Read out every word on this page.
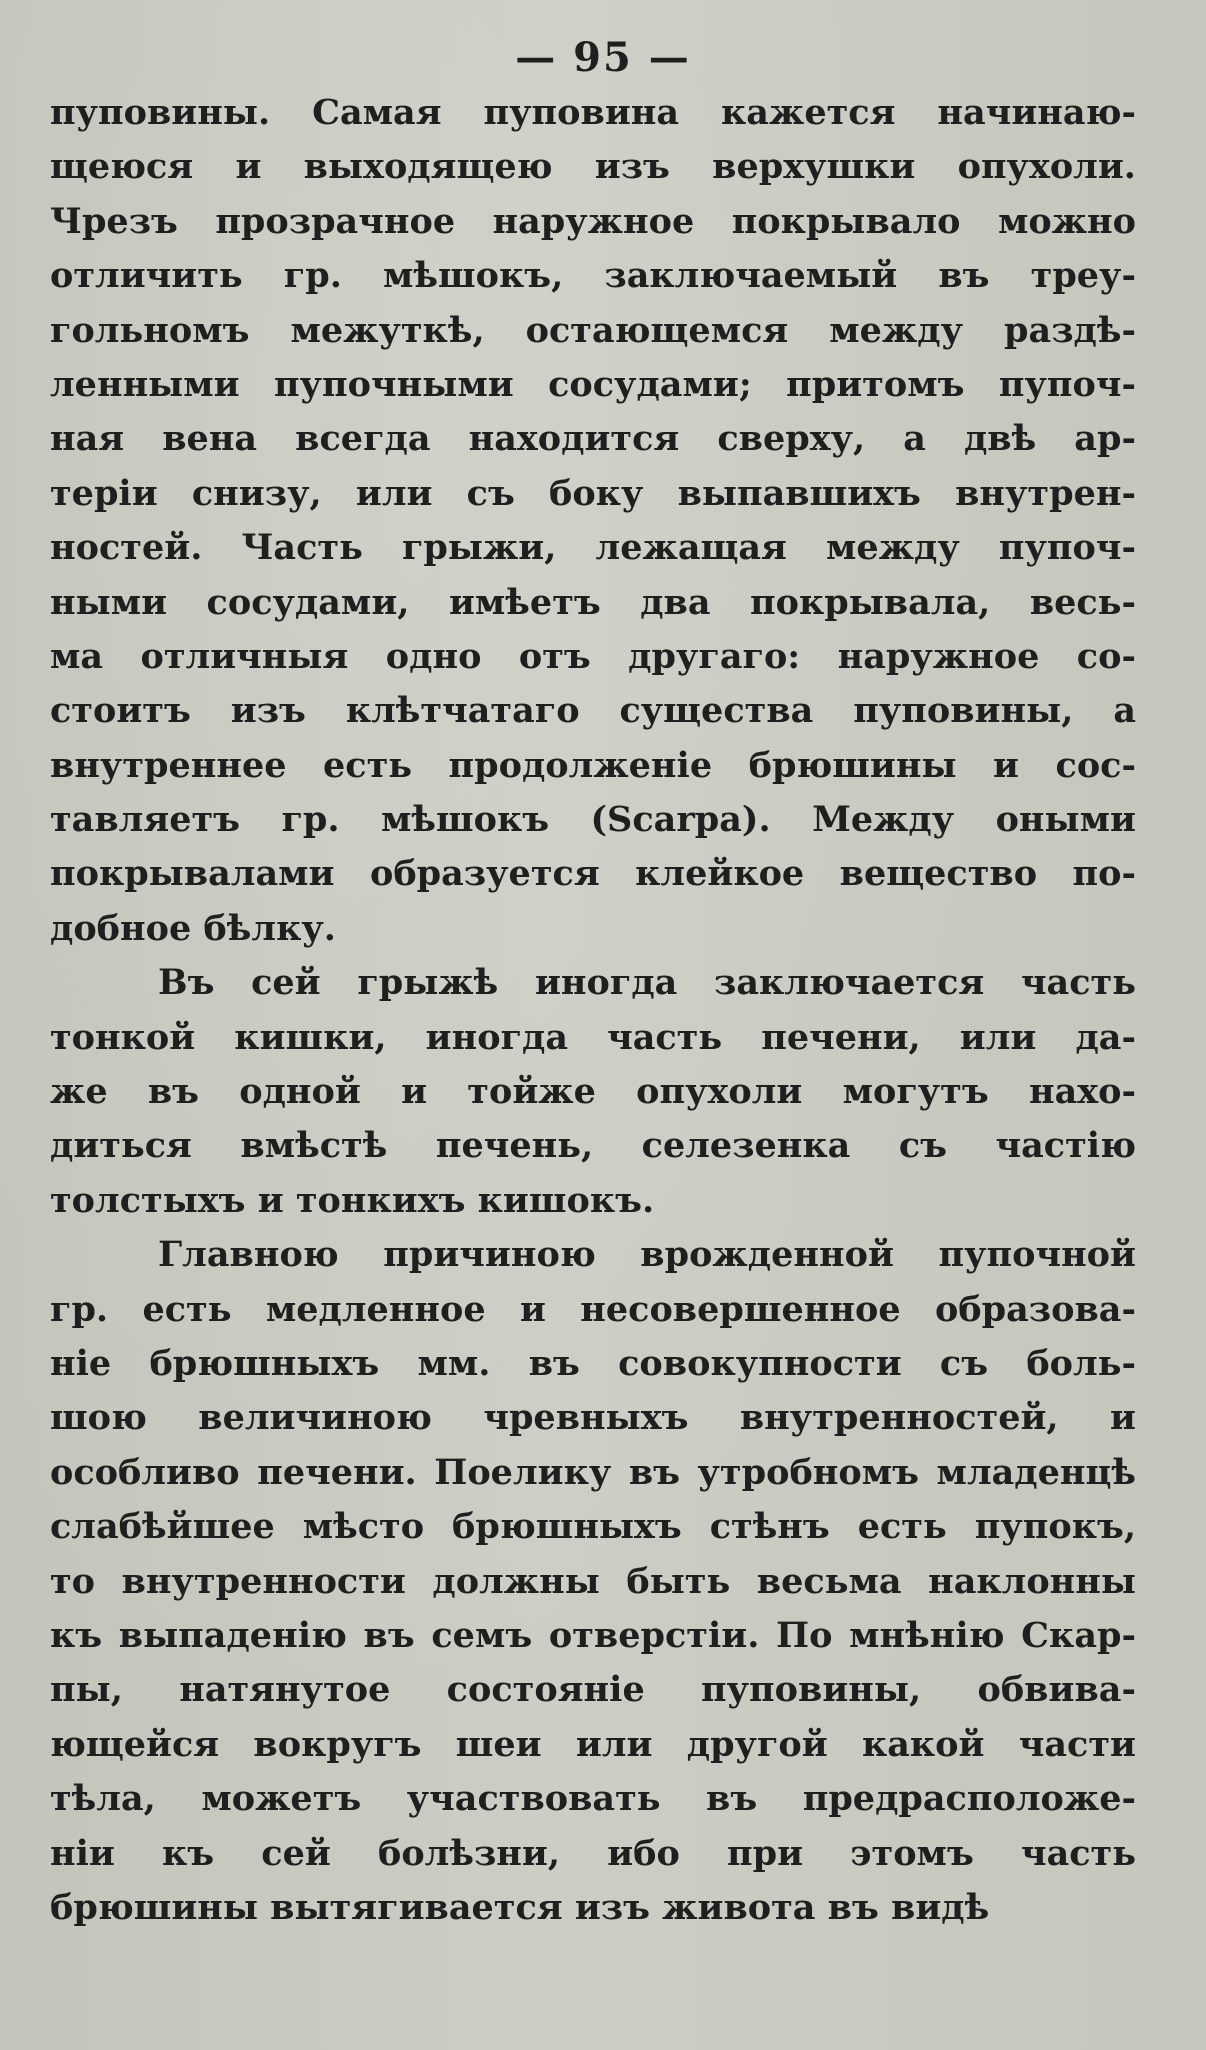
— 95 —
пуповины. Самая пуповина кажется начинаю-
щеюся и выходящею изъ верхушки опухоли.
Чрезъ прозрачное наружное покрывало можно
отличить гр. мѣшокъ, заключаемый въ треу-
гольномъ межуткѣ, остающемся между раздѣ-
ленными пупочными сосудами; притомъ пупоч-
ная вена всегда находится сверху, а двѣ ар-
теріи снизу, или съ боку выпавшихъ внутрен-
ностей. Часть грыжи, лежащая между пупоч-
ными сосудами, имѣетъ два покрывала, весь-
ма отличныя одно отъ другаго: наружное со-
стоитъ изъ клѣтчатаго существа пуповины, а
внутреннее есть продолженіе брюшины и сос-
тавляетъ гр. мѣшокъ (Scarpa). Между оными
покрывалами образуется клейкое вещество по-
добное бѣлку.
Въ сей грыжѣ иногда заключается часть
тонкой кишки, иногда часть печени, или да-
же въ одной и тойже опухоли могутъ нахо-
диться вмѣстѣ печень, селезенка съ частію
толстыхъ и тонкихъ кишокъ.
Главною причиною врожденной пупочной
гр. есть медленное и несовершенное образова-
ніе брюшныхъ мм. въ совокупности съ боль-
шою величиною чревныхъ внутренностей, и
особливо печени. Поелику въ утробномъ младенцѣ
слабѣйшее мѣсто брюшныхъ стѣнъ есть пупокъ,
то внутренности должны быть весьма наклонны
къ выпаденію въ семъ отверстіи. По мнѣнію Скар-
пы, натянутое состояніе пуповины, обвива-
ющейся вокругъ шеи или другой какой части
тѣла, можетъ участвовать въ предрасположе-
ніи къ сей болѣзни, ибо при этомъ часть
брюшины вытягивается изъ живота въ видѣ
